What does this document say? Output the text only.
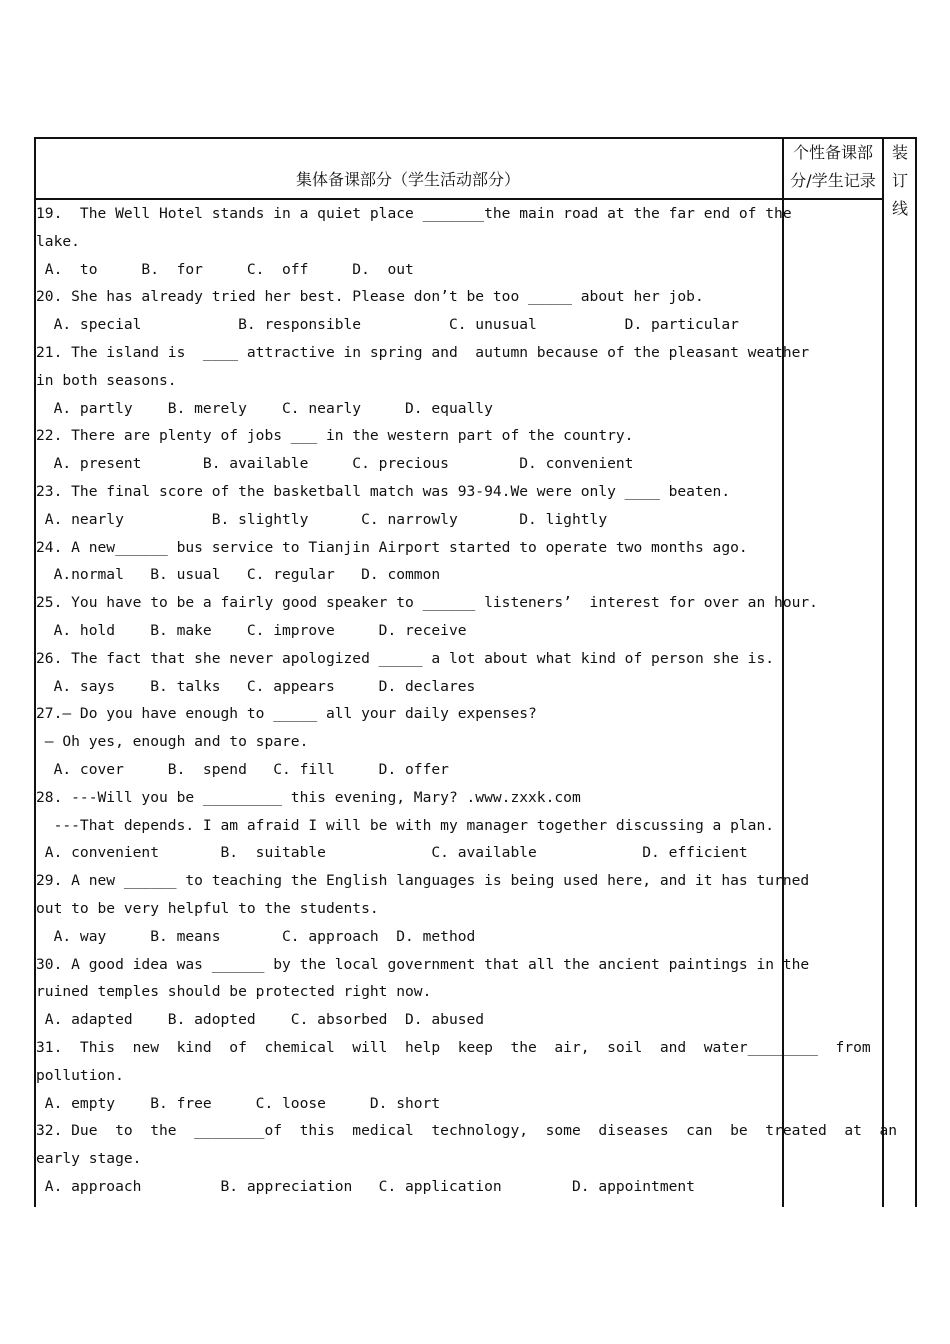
集体备课部分（学生活动部分）
个性备课部
分/学生记录
装
订
线
19.  The Well Hotel stands in a quiet place _______the main road at the far end of the
lake.
A.  to     B.  for     C.  off     D.  out
20. She has already tried her best. Please don’t be too _____ about her job.
A. special           B. responsible          C. unusual          D. particular
21. The island is  ____ attractive in spring and  autumn because of the pleasant weather
in both seasons.
A. partly    B. merely    C. nearly     D. equally
22. There are plenty of jobs ___ in the western part of the country.
A. present       B. available     C. precious        D. convenient
23. The final score of the basketball match was 93-94.We were only ____ beaten.
A. nearly          B. slightly      C. narrowly       D. lightly
24. A new______ bus service to Tianjin Airport started to operate two months ago.
A.normal   B. usual   C. regular   D. common
25. You have to be a fairly good speaker to ______ listeners’  interest for over an hour.
A. hold    B. make    C. improve     D. receive
26. The fact that she never apologized _____ a lot about what kind of person she is.
A. says    B. talks   C. appears     D. declares
27.— Do you have enough to _____ all your daily expenses?
— Oh yes, enough and to spare.
A. cover     B.  spend   C. fill     D. offer
28. ---Will you be _________ this evening, Mary? .www.zxxk.com
---That depends. I am afraid I will be with my manager together discussing a plan.
A. convenient       B.  suitable            C. available            D. efficient
29. A new ______ to teaching the English languages is being used here, and it has turned
out to be very helpful to the students.
A. way     B. means       C. approach  D. method
30. A good idea was ______ by the local government that all the ancient paintings in the
ruined temples should be protected right now.
A. adapted    B. adopted    C. absorbed  D. abused
31.  This  new  kind  of  chemical  will  help  keep  the  air,  soil  and  water________  from
pollution.
A. empty    B. free     C. loose     D. short
32. Due  to  the  ________of  this  medical  technology,  some  diseases  can  be  treated  at  an
early stage.
A. approach         B. appreciation   C. application        D. appointment
